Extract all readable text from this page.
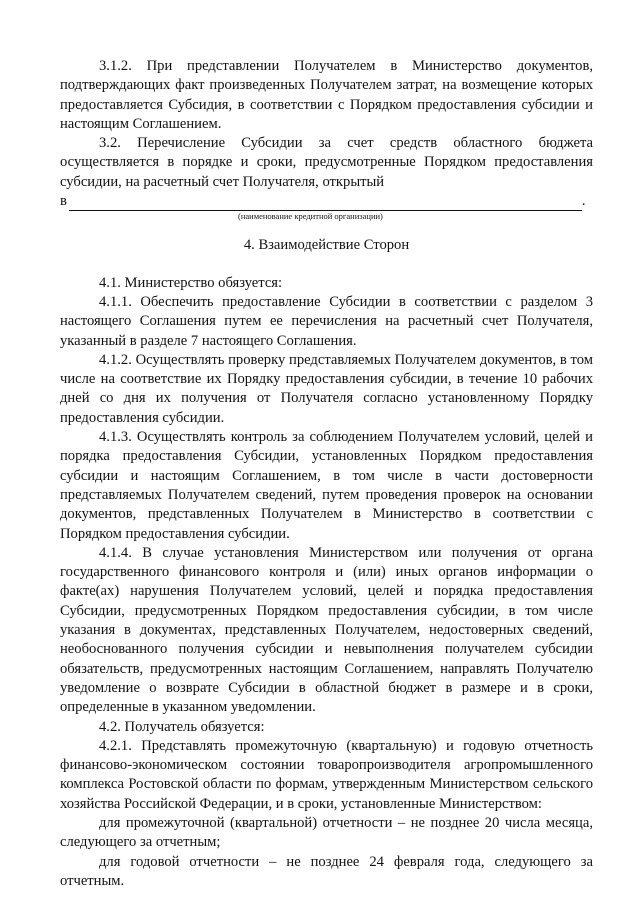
3.1.2. При представлении Получателем в Министерство документов, подтверждающих факт произведенных Получателем затрат, на возмещение которых предоставляется Субсидия, в соответствии с Порядком предоставления субсидии и настоящим Соглашением.

3.2. Перечисление Субсидии за счет средств областного бюджета осуществляется в порядке и сроки, предусмотренные Порядком предоставления субсидии, на расчетный счет Получателя, открытый

в	.
(наименование кредитной организации)

4. Взаимодействие Сторон

4.1. Министерство обязуется:

4.1.1. Обеспечить предоставление Субсидии в соответствии с разделом 3 настоящего Соглашения путем ее перечисления на расчетный счет Получателя, указанный в разделе 7 настоящего Соглашения.

4.1.2. Осуществлять проверку представляемых Получателем документов, в том числе на соответствие их Порядку предоставления субсидии, в течение 10 рабочих дней со дня их получения от Получателя согласно установленному Порядку предоставления субсидии.

4.1.3. Осуществлять контроль за соблюдением Получателем условий, целей и порядка предоставления Субсидии, установленных Порядком предоставления субсидии и настоящим Соглашением, в том числе в части достоверности представляемых Получателем сведений, путем проведения проверок на основании документов, представленных Получателем в Министерство в соответствии с Порядком предоставления субсидии.

4.1.4. В случае установления Министерством или получения от органа государственного финансового контроля и (или) иных органов информации о факте(ах) нарушения Получателем условий, целей и порядка предоставления Субсидии, предусмотренных Порядком предоставления субсидии, в том числе указания в документах, представленных Получателем, недостоверных сведений, необоснованного получения субсидии и невыполнения получателем субсидии обязательств, предусмотренных настоящим Соглашением, направлять Получателю уведомление о возврате Субсидии в областной бюджет в размере и в сроки, определенные в указанном уведомлении.

4.2. Получатель обязуется:

4.2.1. Представлять промежуточную (квартальную) и годовую отчетность финансово-экономическом состоянии товаропроизводителя агропромышленного комплекса Ростовской области по формам, утвержденным Министерством сельского хозяйства Российской Федерации, и в сроки, установленные Министерством:

для промежуточной (квартальной) отчетности – не позднее 20 числа месяца, следующего за отчетным;

для годовой отчетности – не позднее 24 февраля года, следующего за отчетным.
